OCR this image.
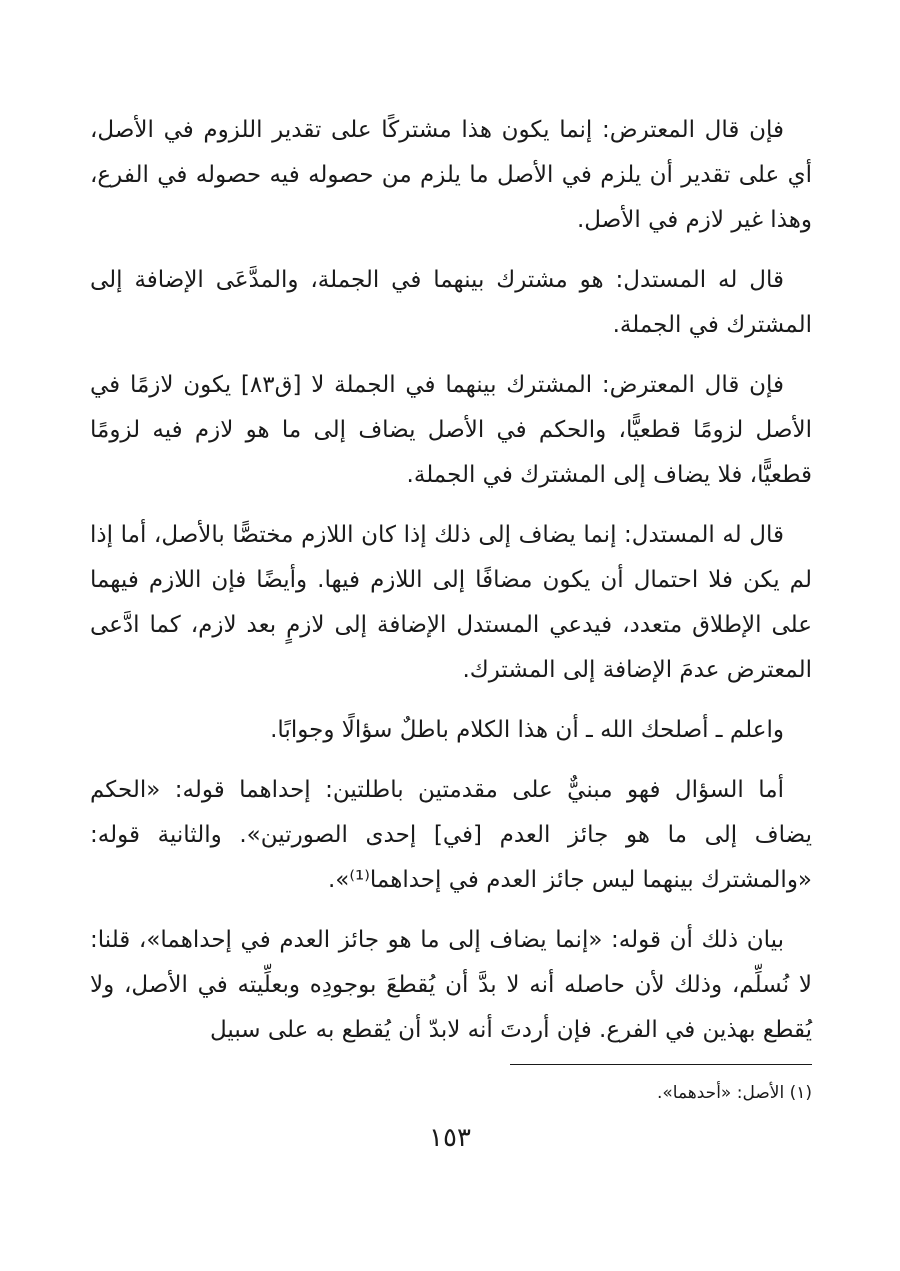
فإن قال المعترض: إنما يكون هذا مشتركًا على تقدير اللزوم في الأصل، أي على تقدير أن يلزم في الأصل ما يلزم من حصوله فيه حصوله في الفرع، وهذا غير لازم في الأصل.

قال له المستدل: هو مشترك بينهما في الجملة، والمدَّعَى الإضافة إلى المشترك في الجملة.

فإن قال المعترض: المشترك بينهما في الجملة لا [ق٨٣] يكون لازمًا في الأصل لزومًا قطعيًّا، والحكم في الأصل يضاف إلى ما هو لازم فيه لزومًا قطعيًّا، فلا يضاف إلى المشترك في الجملة.

قال له المستدل: إنما يضاف إلى ذلك إذا كان اللازم مختصًّا بالأصل، أما إذا لم يكن فلا احتمال أن يكون مضافًا إلى اللازم فيها. وأيضًا فإن اللازم فيهما على الإطلاق متعدد، فيدعي المستدل الإضافة إلى لازمٍ بعد لازم، كما ادَّعى المعترض عدمَ الإضافة إلى المشترك.

واعلم ـ أصلحك الله ـ أن هذا الكلام باطلٌ سؤالًا وجوابًا.

أما السؤال فهو مبنيٌّ على مقدمتين باطلتين: إحداهما قوله: «الحكم يضاف إلى ما هو جائز العدم [في] إحدى الصورتين». والثانية قوله: «والمشترك بينهما ليس جائز العدم في إحداهما⁽¹⁾».

بيان ذلك أن قوله: «إنما يضاف إلى ما هو جائز العدم في إحداهما»، قلنا: لا نُسلِّم، وذلك لأن حاصله أنه لا بدَّ أن يُقطعَ بوجودِه وبعلِّيته في الأصل، ولا يُقطع بهذين في الفرع. فإن أردتَ أنه لابدّ أن يُقطع به على سبيل

(١) الأصل: «أحدهما».

١٥٣
